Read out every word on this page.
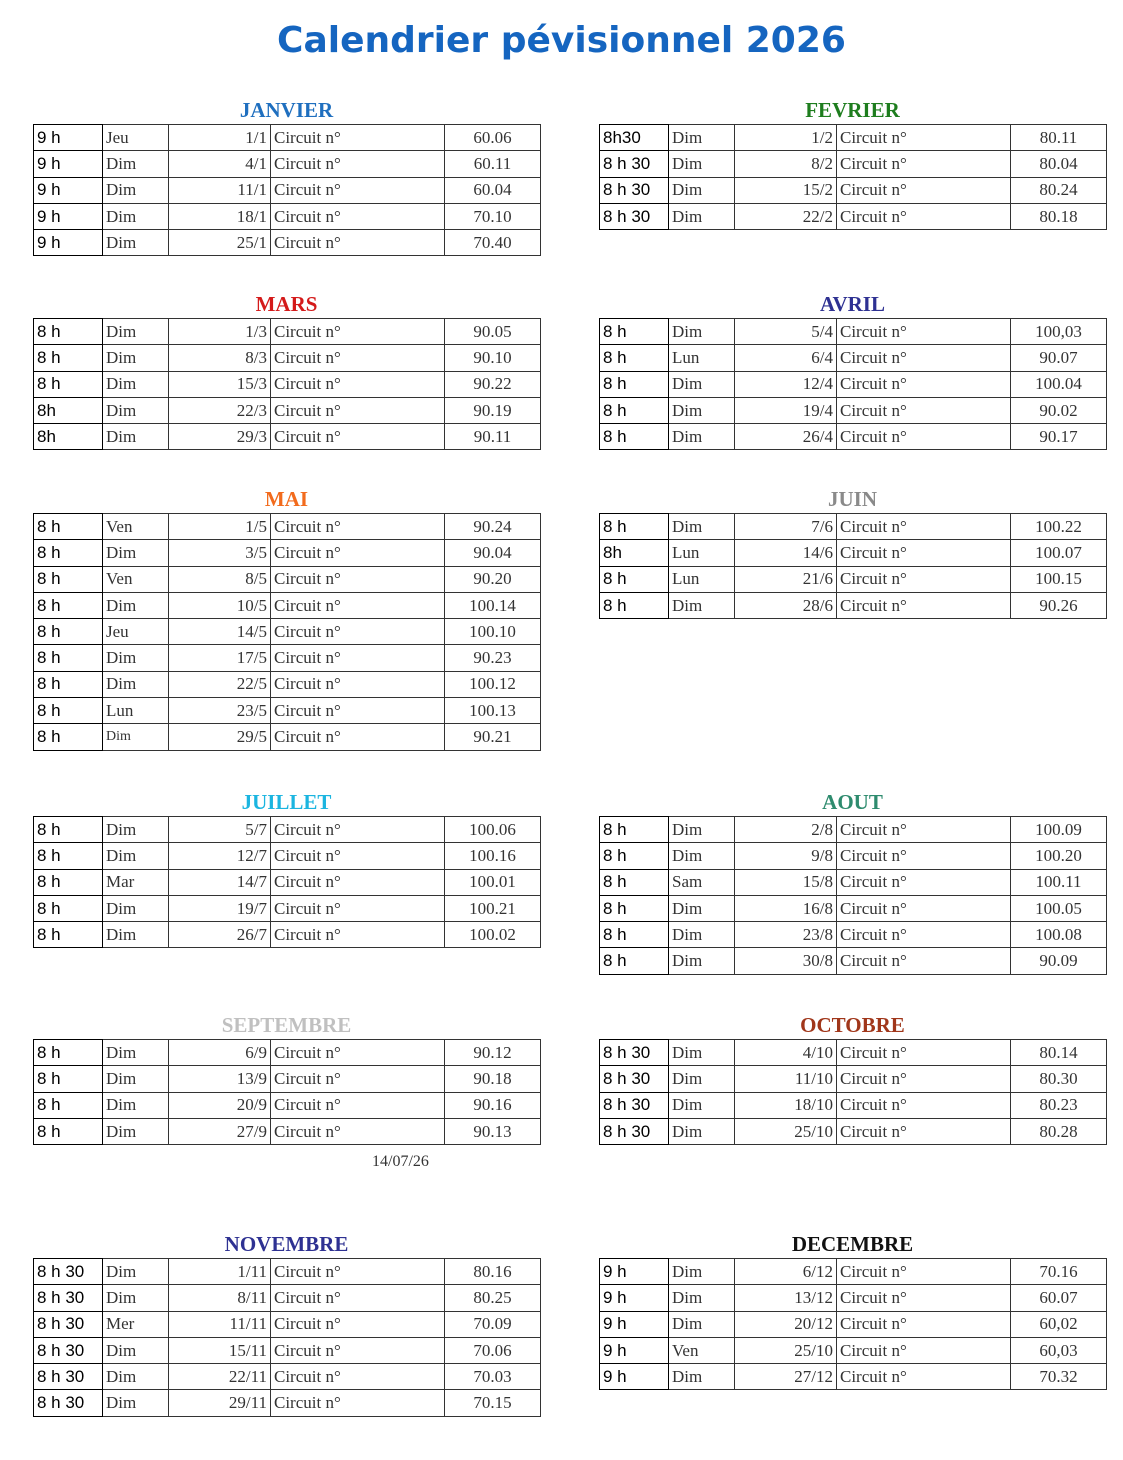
Calendrier pévisionnel 2026
JANVIER
9 h	Jeu	1/1	Circuit n°	60.06
9 h	Dim	4/1	Circuit n°	60.11
9 h	Dim	11/1	Circuit n°	60.04
9 h	Dim	18/1	Circuit n°	70.10
9 h	Dim	25/1	Circuit n°	70.40
FEVRIER
8h30	Dim	1/2	Circuit n°	80.11
8 h 30	Dim	8/2	Circuit n°	80.04
8 h 30	Dim	15/2	Circuit n°	80.24
8 h 30	Dim	22/2	Circuit n°	80.18
MARS
8 h	Dim	1/3	Circuit n°	90.05
8 h	Dim	8/3	Circuit n°	90.10
8 h	Dim	15/3	Circuit n°	90.22
8h	Dim	22/3	Circuit n°	90.19
8h	Dim	29/3	Circuit n°	90.11
AVRIL
8 h	Dim	5/4	Circuit n°	100,03
8 h	Lun	6/4	Circuit n°	90.07
8 h	Dim	12/4	Circuit n°	100.04
8 h	Dim	19/4	Circuit n°	90.02
8 h	Dim	26/4	Circuit n°	90.17
MAI
8 h	Ven	1/5	Circuit n°	90.24
8 h	Dim	3/5	Circuit n°	90.04
8 h	Ven	8/5	Circuit n°	90.20
8 h	Dim	10/5	Circuit n°	100.14
8 h	Jeu	14/5	Circuit n°	100.10
8 h	Dim	17/5	Circuit n°	90.23
8 h	Dim	22/5	Circuit n°	100.12
8 h	Lun	23/5	Circuit n°	100.13
8 h	Dim	29/5	Circuit n°	90.21
JUIN
8 h	Dim	7/6	Circuit n°	100.22
8h	Lun	14/6	Circuit n°	100.07
8 h	Lun	21/6	Circuit n°	100.15
8 h	Dim	28/6	Circuit n°	90.26
JUILLET
8 h	Dim	5/7	Circuit n°	100.06
8 h	Dim	12/7	Circuit n°	100.16
8 h	Mar	14/7	Circuit n°	100.01
8 h	Dim	19/7	Circuit n°	100.21
8 h	Dim	26/7	Circuit n°	100.02
AOUT
8 h	Dim	2/8	Circuit n°	100.09
8 h	Dim	9/8	Circuit n°	100.20
8 h	Sam	15/8	Circuit n°	100.11
8 h	Dim	16/8	Circuit n°	100.05
8 h	Dim	23/8	Circuit n°	100.08
8 h	Dim	30/8	Circuit n°	90.09
SEPTEMBRE
8 h	Dim	6/9	Circuit n°	90.12
8 h	Dim	13/9	Circuit n°	90.18
8 h	Dim	20/9	Circuit n°	90.16
8 h	Dim	27/9	Circuit n°	90.13
OCTOBRE
8 h 30	Dim	4/10	Circuit n°	80.14
8 h 30	Dim	11/10	Circuit n°	80.30
8 h 30	Dim	18/10	Circuit n°	80.23
8 h 30	Dim	25/10	Circuit n°	80.28
NOVEMBRE
8 h 30	Dim	1/11	Circuit n°	80.16
8 h 30	Dim	8/11	Circuit n°	80.25
8 h 30	Mer	11/11	Circuit n°	70.09
8 h 30	Dim	15/11	Circuit n°	70.06
8 h 30	Dim	22/11	Circuit n°	70.03
8 h 30	Dim	29/11	Circuit n°	70.15
DECEMBRE
9 h	Dim	6/12	Circuit n°	70.16
9 h	Dim	13/12	Circuit n°	60.07
9 h	Dim	20/12	Circuit n°	60,02
9 h	Ven	25/10	Circuit n°	60,03
9 h	Dim	27/12	Circuit n°	70.32
14/07/26
